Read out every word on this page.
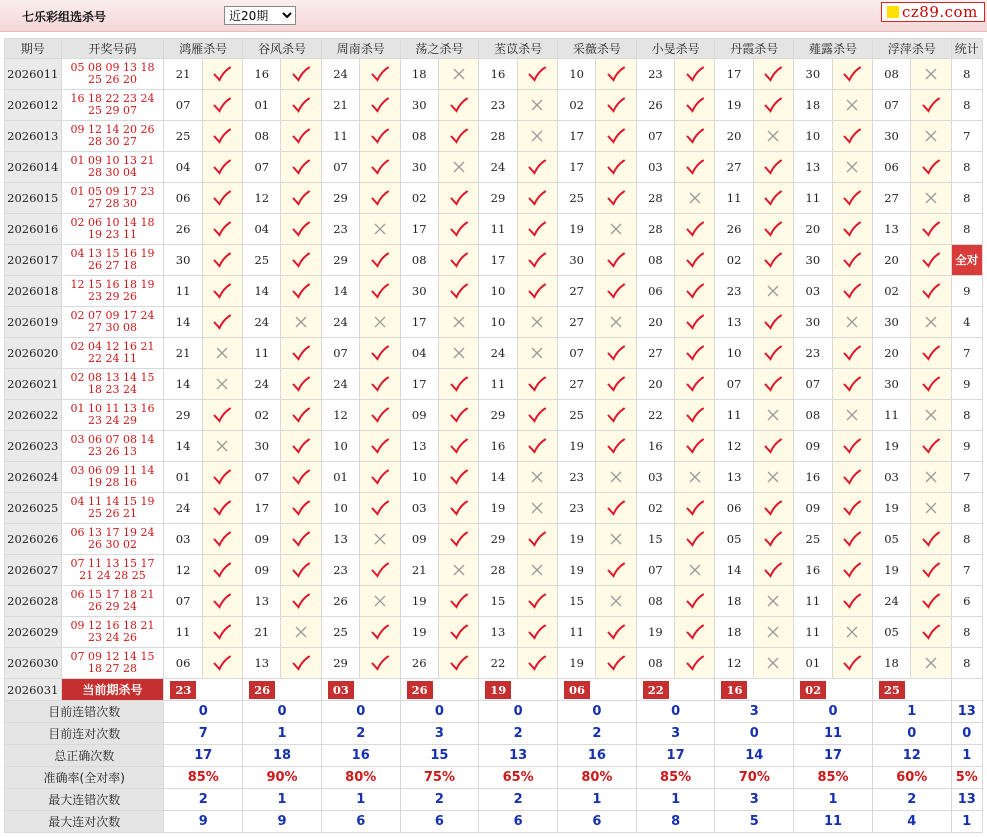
七乐彩组选杀号
近20期	cz89.com
期号	开奖号码	鸿雁杀号		谷风杀号		周南杀号		荡之杀号		苤苡杀号		采薇杀号		小旻杀号		丹霞杀号		薤露杀号		浮萍杀号		统计
2026011	05 08 09 13 18 25 26 20	21		16		24		18		16		10		23		17		30		08		8
2026012	16 18 22 23 24 25 29 07	07		01		21		30		23		02		26		19		18		07		8
2026013	09 12 14 20 26 28 30 27	25		08		11		08		28		17		07		20		10		30		7
2026014	01 09 10 13 21 28 30 04	04		07		07		30		24		17		03		27		13		06		8
2026015	01 05 09 17 23 27 28 30	06		12		29		02		29		25		28		11		11		27		8
2026016	02 06 10 14 18 19 23 11	26		04		23		17		11		19		28		26		20		13		8
2026017	04 13 15 16 19 26 27 18	30		25		29		08		17		30		08		02		30		20		全对
2026018	12 15 16 18 19 23 29 26	11		14		14		30		10		27		06		23		03		02		9
2026019	02 07 09 17 24 27 30 08	14		24		24		17		10		27		20		13		30		30		4
2026020	02 04 12 16 21 22 24 11	21		11		07		04		24		07		27		10		23		20		7
2026021	02 08 13 14 15 18 23 24	14		24		24		17		11		27		20		07		07		30		9
2026022	01 10 11 13 16 23 24 29	29		02		12		09		29		25		22		11		08		11		8
2026023	03 06 07 08 14 23 26 13	14		30		10		13		16		19		16		12		09		19		9
2026024	03 06 09 11 14 19 28 16	01		07		01		10		14		23		03		13		16		03		7
2026025	04 11 14 15 19 25 26 21	24		17		10		03		19		23		02		06		09		19		8
2026026	06 13 17 19 24 26 30 02	03		09		13		09		29		19		15		05		25		05		8
2026027	07 11 13 15 17 21 24 28 25	12		09		23		21		28		19		07		14		16		19		7
2026028	06 15 17 18 21 26 29 24	07		13		26		19		15		15		08		18		11		24		6
2026029	09 12 16 18 21 23 24 26	11		21		25		19		13		11		19		18		11		05		8
2026030	07 09 12 14 15 18 27 28	06		13		29		26		22		19		08		12		01		18		8
2026031	当前期杀号	23		26		03		26		19		06		22		16		02		25		

目前连错次数		0		0		0		0		0		0		0		3		0		1		13
目前连对次数		7		1		2		3		2		2		3		0		11		0		0
总正确次数		17		18		16		15		13		16		17		14		17		12		1
准确率(全对率)		85%		90%		80%		75%		65%		80%		85%		70%		85%		60%		5%
最大连错次数		2		1		1		2		2		1		1		3		1		2		13
最大连对次数		9		9		6		6		6		6		8		5		11		4		1
